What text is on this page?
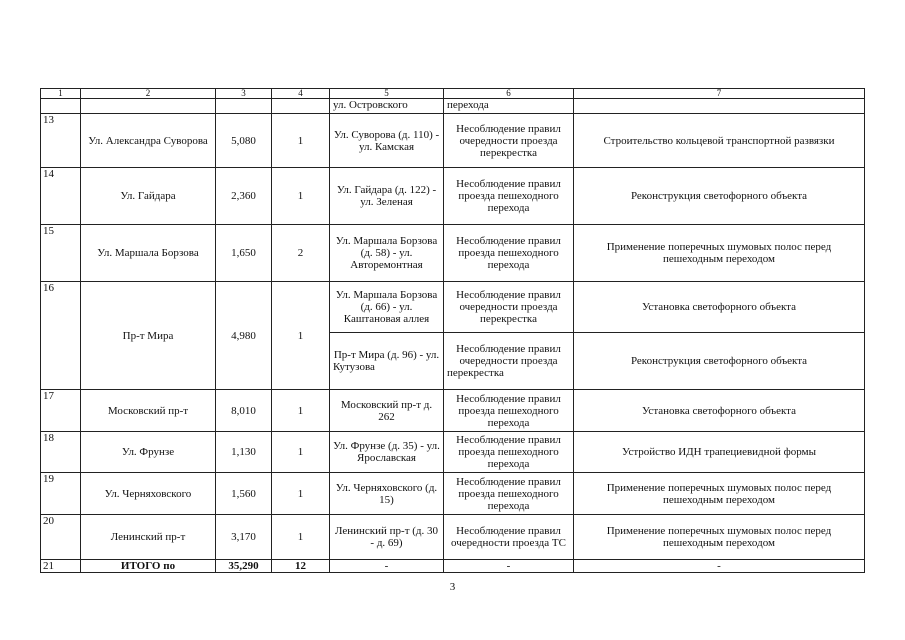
1	2	3	4	5	6	7
				ул. Островского	перехода	
13	Ул. Александра Суворова	5,080	1	Ул. Суворова (д. 110) - ул. Камская	Несоблюдение правил очередности проезда перекрестка	Строительство кольцевой транспортной развязки
14	Ул. Гайдара	2,360	1	Ул. Гайдара (д. 122) - ул. Зеленая	Несоблюдение правил проезда пешеходного перехода	Реконструкция светофорного объекта
15	Ул. Маршала Борзова	1,650	2	Ул. Маршала Борзова (д. 58) - ул. Авторемонтная	Несоблюдение правил проезда пешеходного перехода	Применение поперечных шумовых полос перед пешеходным переходом
16	Пр-т Мира	4,980	1	Ул. Маршала Борзова (д. 66) - ул. Каштановая аллея	Несоблюдение правил очередности проезда перекрестка	Установка светофорного объекта
				Пр-т Мира (д. 96) - ул. Кутузова	Несоблюдение правил очередности проезда перекрестка	Реконструкция светофорного объекта
17	Московский пр-т	8,010	1	Московский пр-т д. 262	Несоблюдение правил проезда пешеходного перехода	Установка светофорного объекта
18	Ул. Фрунзе	1,130	1	Ул. Фрунзе (д. 35) - ул. Ярославская	Несоблюдение правил проезда пешеходного перехода	Устройство ИДН трапециевидной формы
19	Ул. Черняховского	1,560	1	Ул. Черняховского (д. 15)	Несоблюдение правил проезда пешеходного перехода	Применение поперечных шумовых полос перед пешеходным переходом
20	Ленинский пр-т	3,170	1	Ленинский пр-т (д. 30 - д. 69)	Несоблюдение правил очередности проезда ТС	Применение поперечных шумовых полос перед пешеходным переходом
21	ИТОГО по	35,290	12	-	-	-
3
